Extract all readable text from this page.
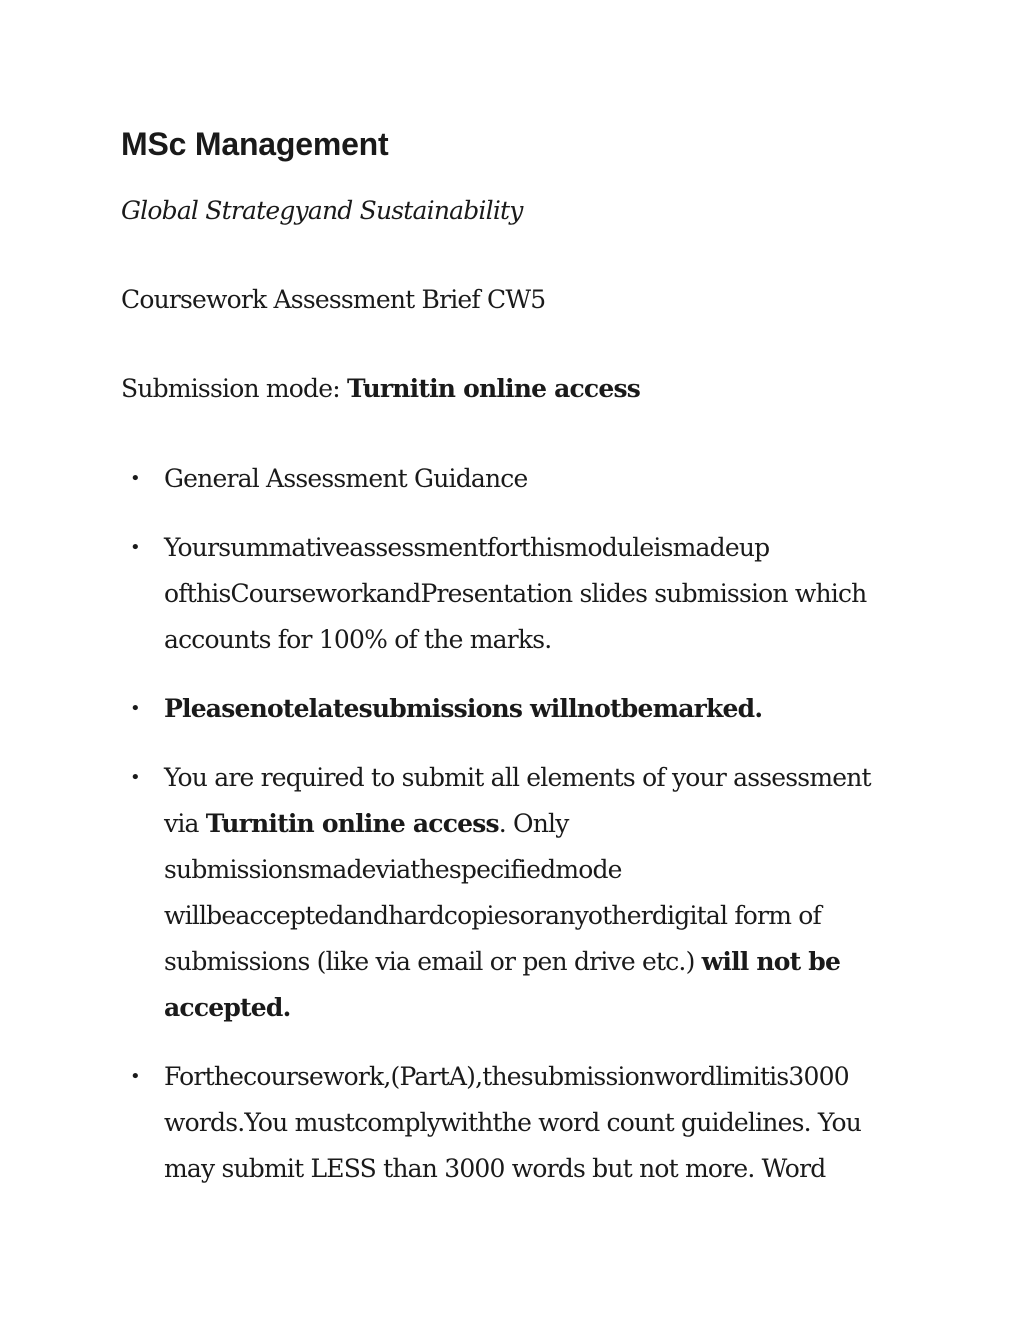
MSc Management

Global Strategyand Sustainability

Coursework Assessment Brief CW5

Submission mode: Turnitin online access

• General Assessment Guidance
• Yoursummativeassessmentforthismoduleismadeup
ofthisCourseworkandPresentation slides submission which
accounts for 100% of the marks.
• Pleasenotelatesubmissions willnotbemarked.
• You are required to submit all elements of your assessment
via Turnitin online access. Only
submissionsmadeviathespecifiedmode
willbeacceptedandhardcopiesoranyotherdigital form of
submissions (like via email or pen drive etc.) will not be
accepted.
• Forthecoursework,(PartA),thesubmissionwordlimitis3000
words.You mustcomplywiththe word count guidelines. You
may submit LESS than 3000 words but not more. Word
